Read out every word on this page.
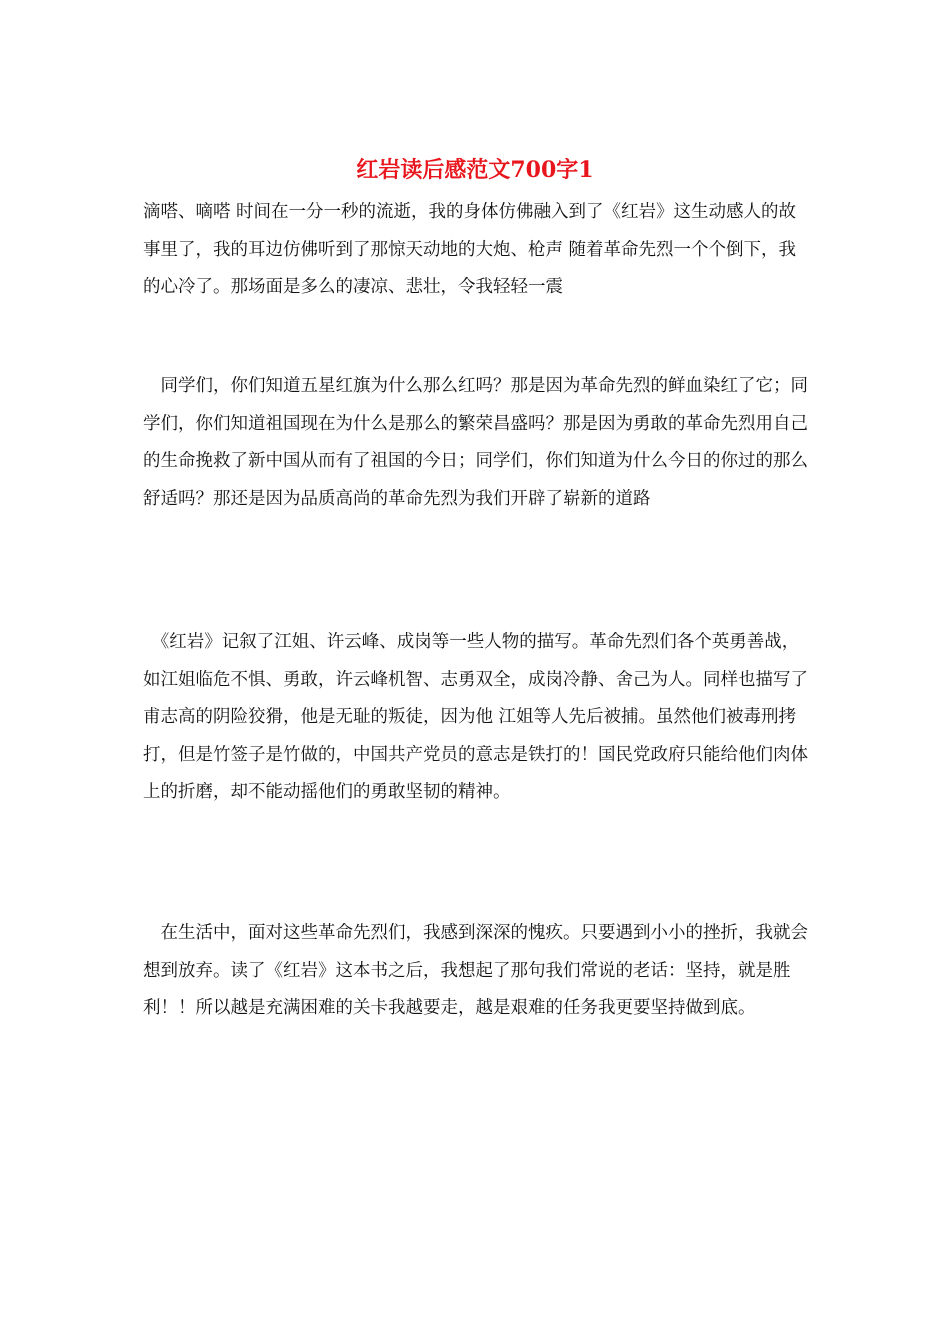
红岩读后感范文700字1

滴嗒、嘀嗒 时间在一分一秒的流逝，我的身体仿佛融入到了《红岩》这生动感人的故事里了，我的耳边仿佛听到了那惊天动地的大炮、枪声 随着革命先烈一个个倒下，我的心冷了。那场面是多么的凄凉、悲壮，令我轻轻一震

　同学们，你们知道五星红旗为什么那么红吗？那是因为革命先烈的鲜血染红了它；同学们，你们知道祖国现在为什么是那么的繁荣昌盛吗？那是因为勇敢的革命先烈用自己的生命挽救了新中国从而有了祖国的今日；同学们，你们知道为什么今日的你过的那么舒适吗？那还是因为品质高尚的革命先烈为我们开辟了崭新的道路

　《红岩》记叙了江姐、许云峰、成岗等一些人物的描写。革命先烈们各个英勇善战，如江姐临危不惧、勇敢，许云峰机智、志勇双全，成岗冷静、舍己为人。同样也描写了甫志高的阴险狡猾，他是无耻的叛徒，因为他 江姐等人先后被捕。虽然他们被毒刑拷打，但是竹签子是竹做的，中国共产党员的意志是铁打的！国民党政府只能给他们肉体上的折磨，却不能动摇他们的勇敢坚韧的精神。

　在生活中，面对这些革命先烈们，我感到深深的愧疚。只要遇到小小的挫折，我就会想到放弃。读了《红岩》这本书之后，我想起了那句我们常说的老话：坚持，就是胜利！！所以越是充满困难的关卡我越要走，越是艰难的任务我更要坚持做到底。
